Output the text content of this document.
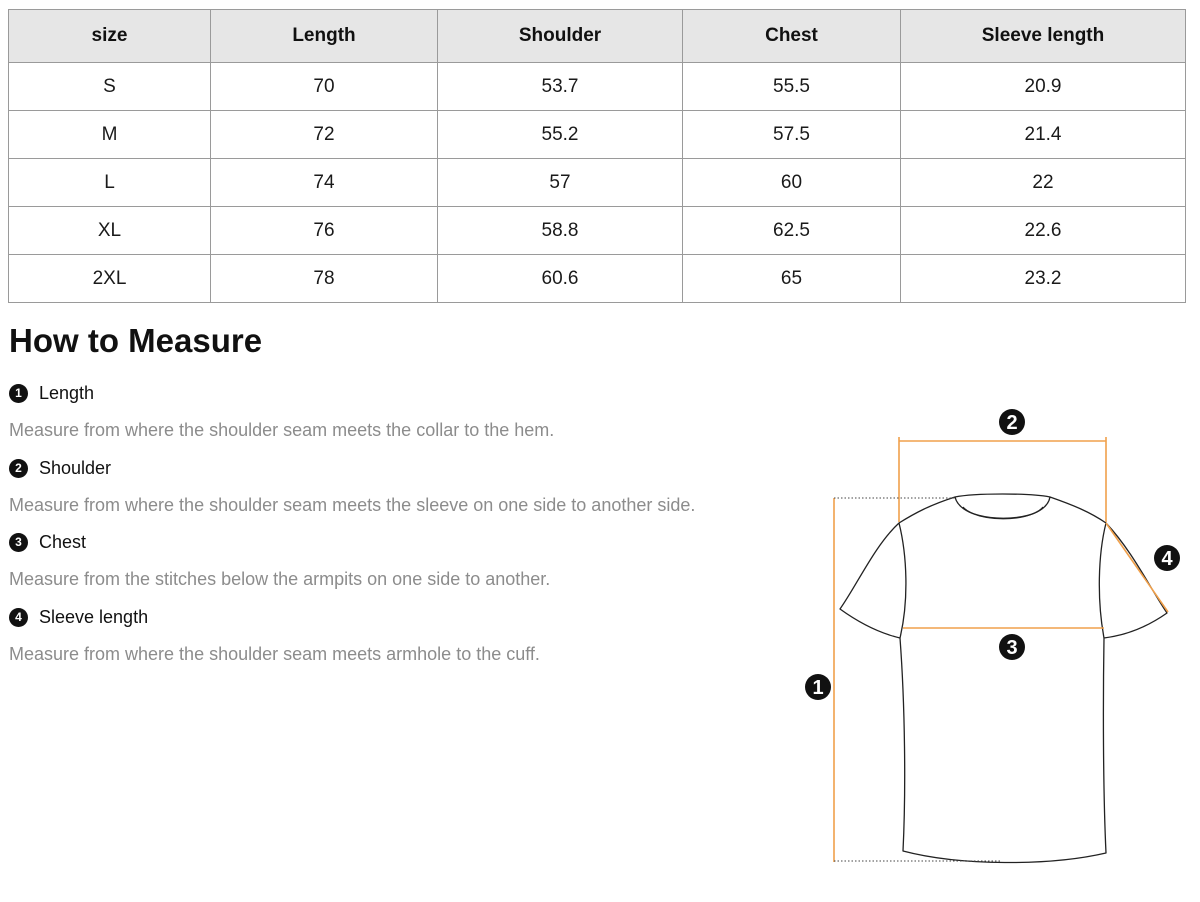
size	Length	Shoulder	Chest	Sleeve length
S	70	53.7	55.5	20.9
M	72	55.2	57.5	21.4
L	74	57	60	22
XL	76	58.8	62.5	22.6
2XL	78	60.6	65	23.2
How to Measure
1 Length

Measure from where the shoulder seam meets the collar to the hem.

2 Shoulder

Measure from where the shoulder seam meets the sleeve on one side to another side.

3 Chest

Measure from the stitches below the armpits on one side to another.

4 Sleeve length

Measure from where the shoulder seam meets armhole to the cuff.

1
2
3
4
